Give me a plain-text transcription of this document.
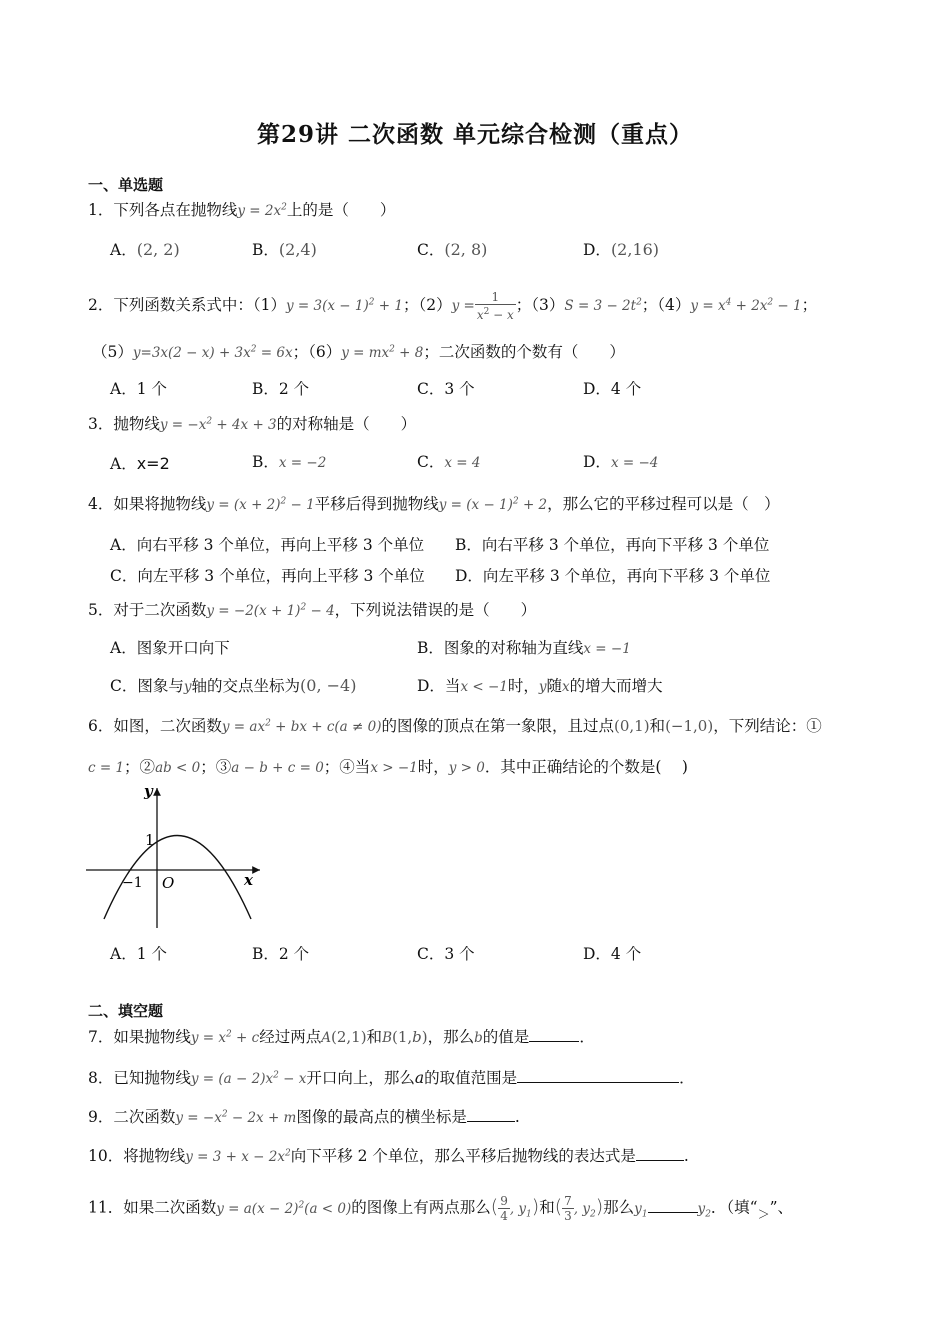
第29讲 二次函数 单元综合检测（重点）
一、单选题
1．下列各点在抛物线$y = 2x^2$上的是（　　）
A．(2, 2)	B．(2,4)	C．(2, 8)	D．(2,16)
2．下列函数关系式中：$(1)y = 3(x - 1)^2 + 1$；$(2)y = \frac{1}{x^2 - x}$ ；$(3)S = 3 - 2t^2$；$(4)y = x^4 + 2x^2 - 1$；
$(5)y=3x(2 - x) + 3x^2 = 6x$；$(6)y = mx^2 + 8$；二次函数的个数有（　　）
A．1 个	B．2 个	C．3 个	D．4 个
3．抛物线$y = -x^2 + 4x + 3$的对称轴是（　　）
A．x=2	B．x = −2	C．x = 4	D．x = −4
4．如果将抛物线$y = (x + 2)^2 - 1$平移后得到抛物线$y = (x - 1)^2 + 2$，那么它的平移过程可以是（　）
A．向右平移 3 个单位，再向上平移 3 个单位 B．向右平移 3 个单位，再向下平移 3 个单位
C．向左平移 3 个单位，再向上平移 3 个单位 D．向左平移 3 个单位，再向下平移 3 个单位
5．对于二次函数$y = -2(x + 1)^2 - 4$，下列说法错误的是（　　）
A．图象开口向下	B．图象的对称轴为直线x = −1
C．图象与y轴的交点坐标为(0, −4)	D．当x < −1时，y随x的增大而增大
6．如图，二次函数$y = ax^2$ + bx + c(a ≠ 0)的图像的顶点在第一象限，且过点(0,1)和(−1,0)，下列结论：①
c = 1；②ab < 0；③a − b + c = 0；④当x > −1时，y > 0．其中正确结论的个数是(　 )
y
x
O
1
−1
A．1 个	B．2 个	C．3 个	D．4 个
二、填空题
7．如果抛物线$y = x^2 + c$经过两点A(2,1)和B(1,b)，那么b的值是	．
8．已知抛物线$y = (a - 2)x^2 - x$开口向上，那么a的取值范围是	．
9．二次函数$y = -x^2 - 2x + m$图像的最高点的横坐标是	.
10．将抛物线$y = 3 + x - 2x^2$向下平移 2 个单位，那么平移后抛物线的表达式是	.
11．如果二次函数$y = a(x - 2)^2(a < 0)$的图像上有两点那么( $\frac{9}{4}$ , $y_1$)和( $\frac{7}{3}$ , $y_2$)那么$y_1$	$y_2$．（填“$_>$”、
